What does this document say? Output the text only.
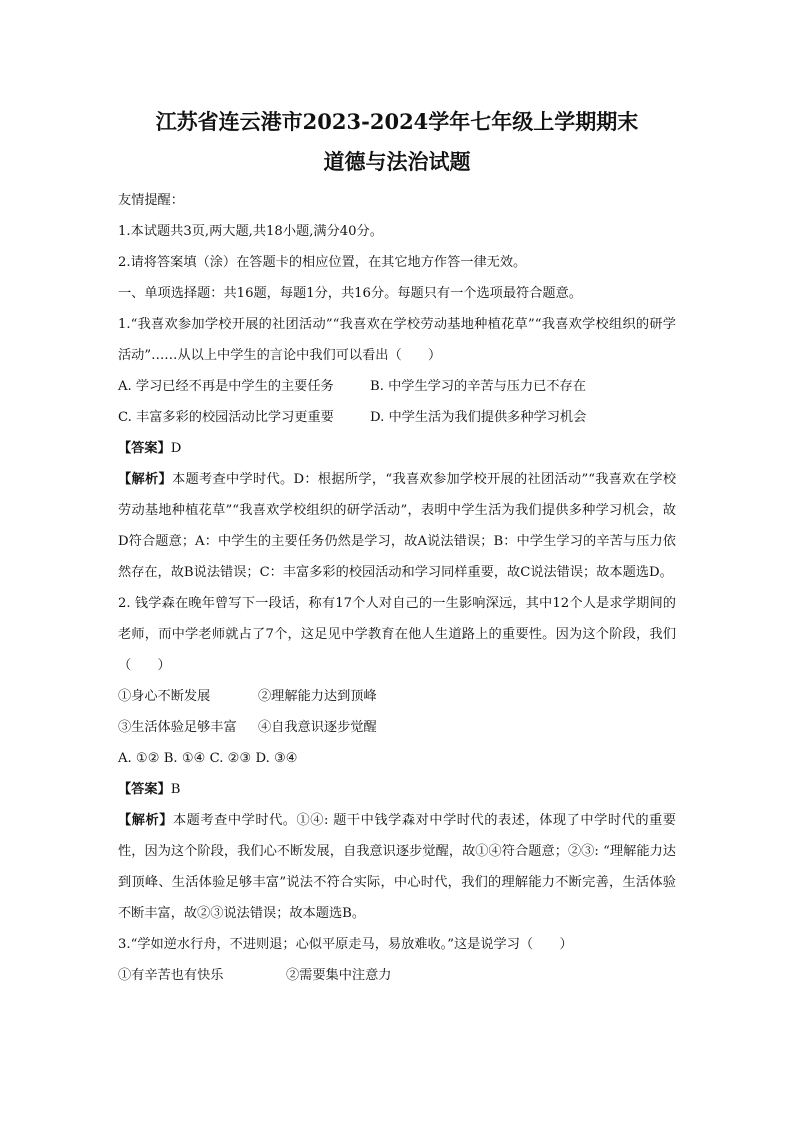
江苏省连云港市2023-2024学年七年级上学期期末

道德与法治试题

友情提醒：

1.本试题共3页,两大题,共18小题,满分40分。

2.请将答案填（涂）在答题卡的相应位置，在其它地方作答一律无效。

一、单项选择题：共16题，每题1分，共16分。每题只有一个选项最符合题意。

1.“我喜欢参加学校开展的社团活动”“我喜欢在学校劳动基地种植花草”“我喜欢学校组织的研学活动”……从以上中学生的言论中我们可以看出（　　）

A. 学习已经不再是中学生的主要任务	B. 中学生学习的辛苦与压力已不存在
C. 丰富多彩的校园活动比学习更重要	D. 中学生活为我们提供多种学习机会

【答案】D

【解析】本题考查中学时代。D：根据所学，“我喜欢参加学校开展的社团活动”“我喜欢在学校劳动基地种植花草”“我喜欢学校组织的研学活动”，表明中学生活为我们提供多种学习机会，故D符合题意；A：中学生的主要任务仍然是学习，故A说法错误；B：中学生学习的辛苦与压力依然存在，故B说法错误；C：丰富多彩的校园活动和学习同样重要，故C说法错误；故本题选D。

2. 钱学森在晚年曾写下一段话，称有17个人对自己的一生影响深远，其中12个人是求学期间的老师，而中学老师就占了7个，这足见中学教育在他人生道路上的重要性。因为这个阶段，我们（　　）

①身心不断发展	②理解能力达到顶峰
③生活体验足够丰富	④自我意识逐步觉醒

A. ①② B. ①④ C. ②③ D. ③④

【答案】B

【解析】本题考查中学时代。①④: 题干中钱学森对中学时代的表述，体现了中学时代的重要性，因为这个阶段，我们心不断发展，自我意识逐步觉醒，故①④符合题意；②③: “理解能力达到顶峰、生活体验足够丰富”说法不符合实际，中心时代，我们的理解能力不断完善，生活体验不断丰富，故②③说法错误；故本题选B。

3.“学如逆水行舟，不进则退；心似平原走马，易放难收。”这是说学习（　　）

①有辛苦也有快乐	②需要集中注意力
